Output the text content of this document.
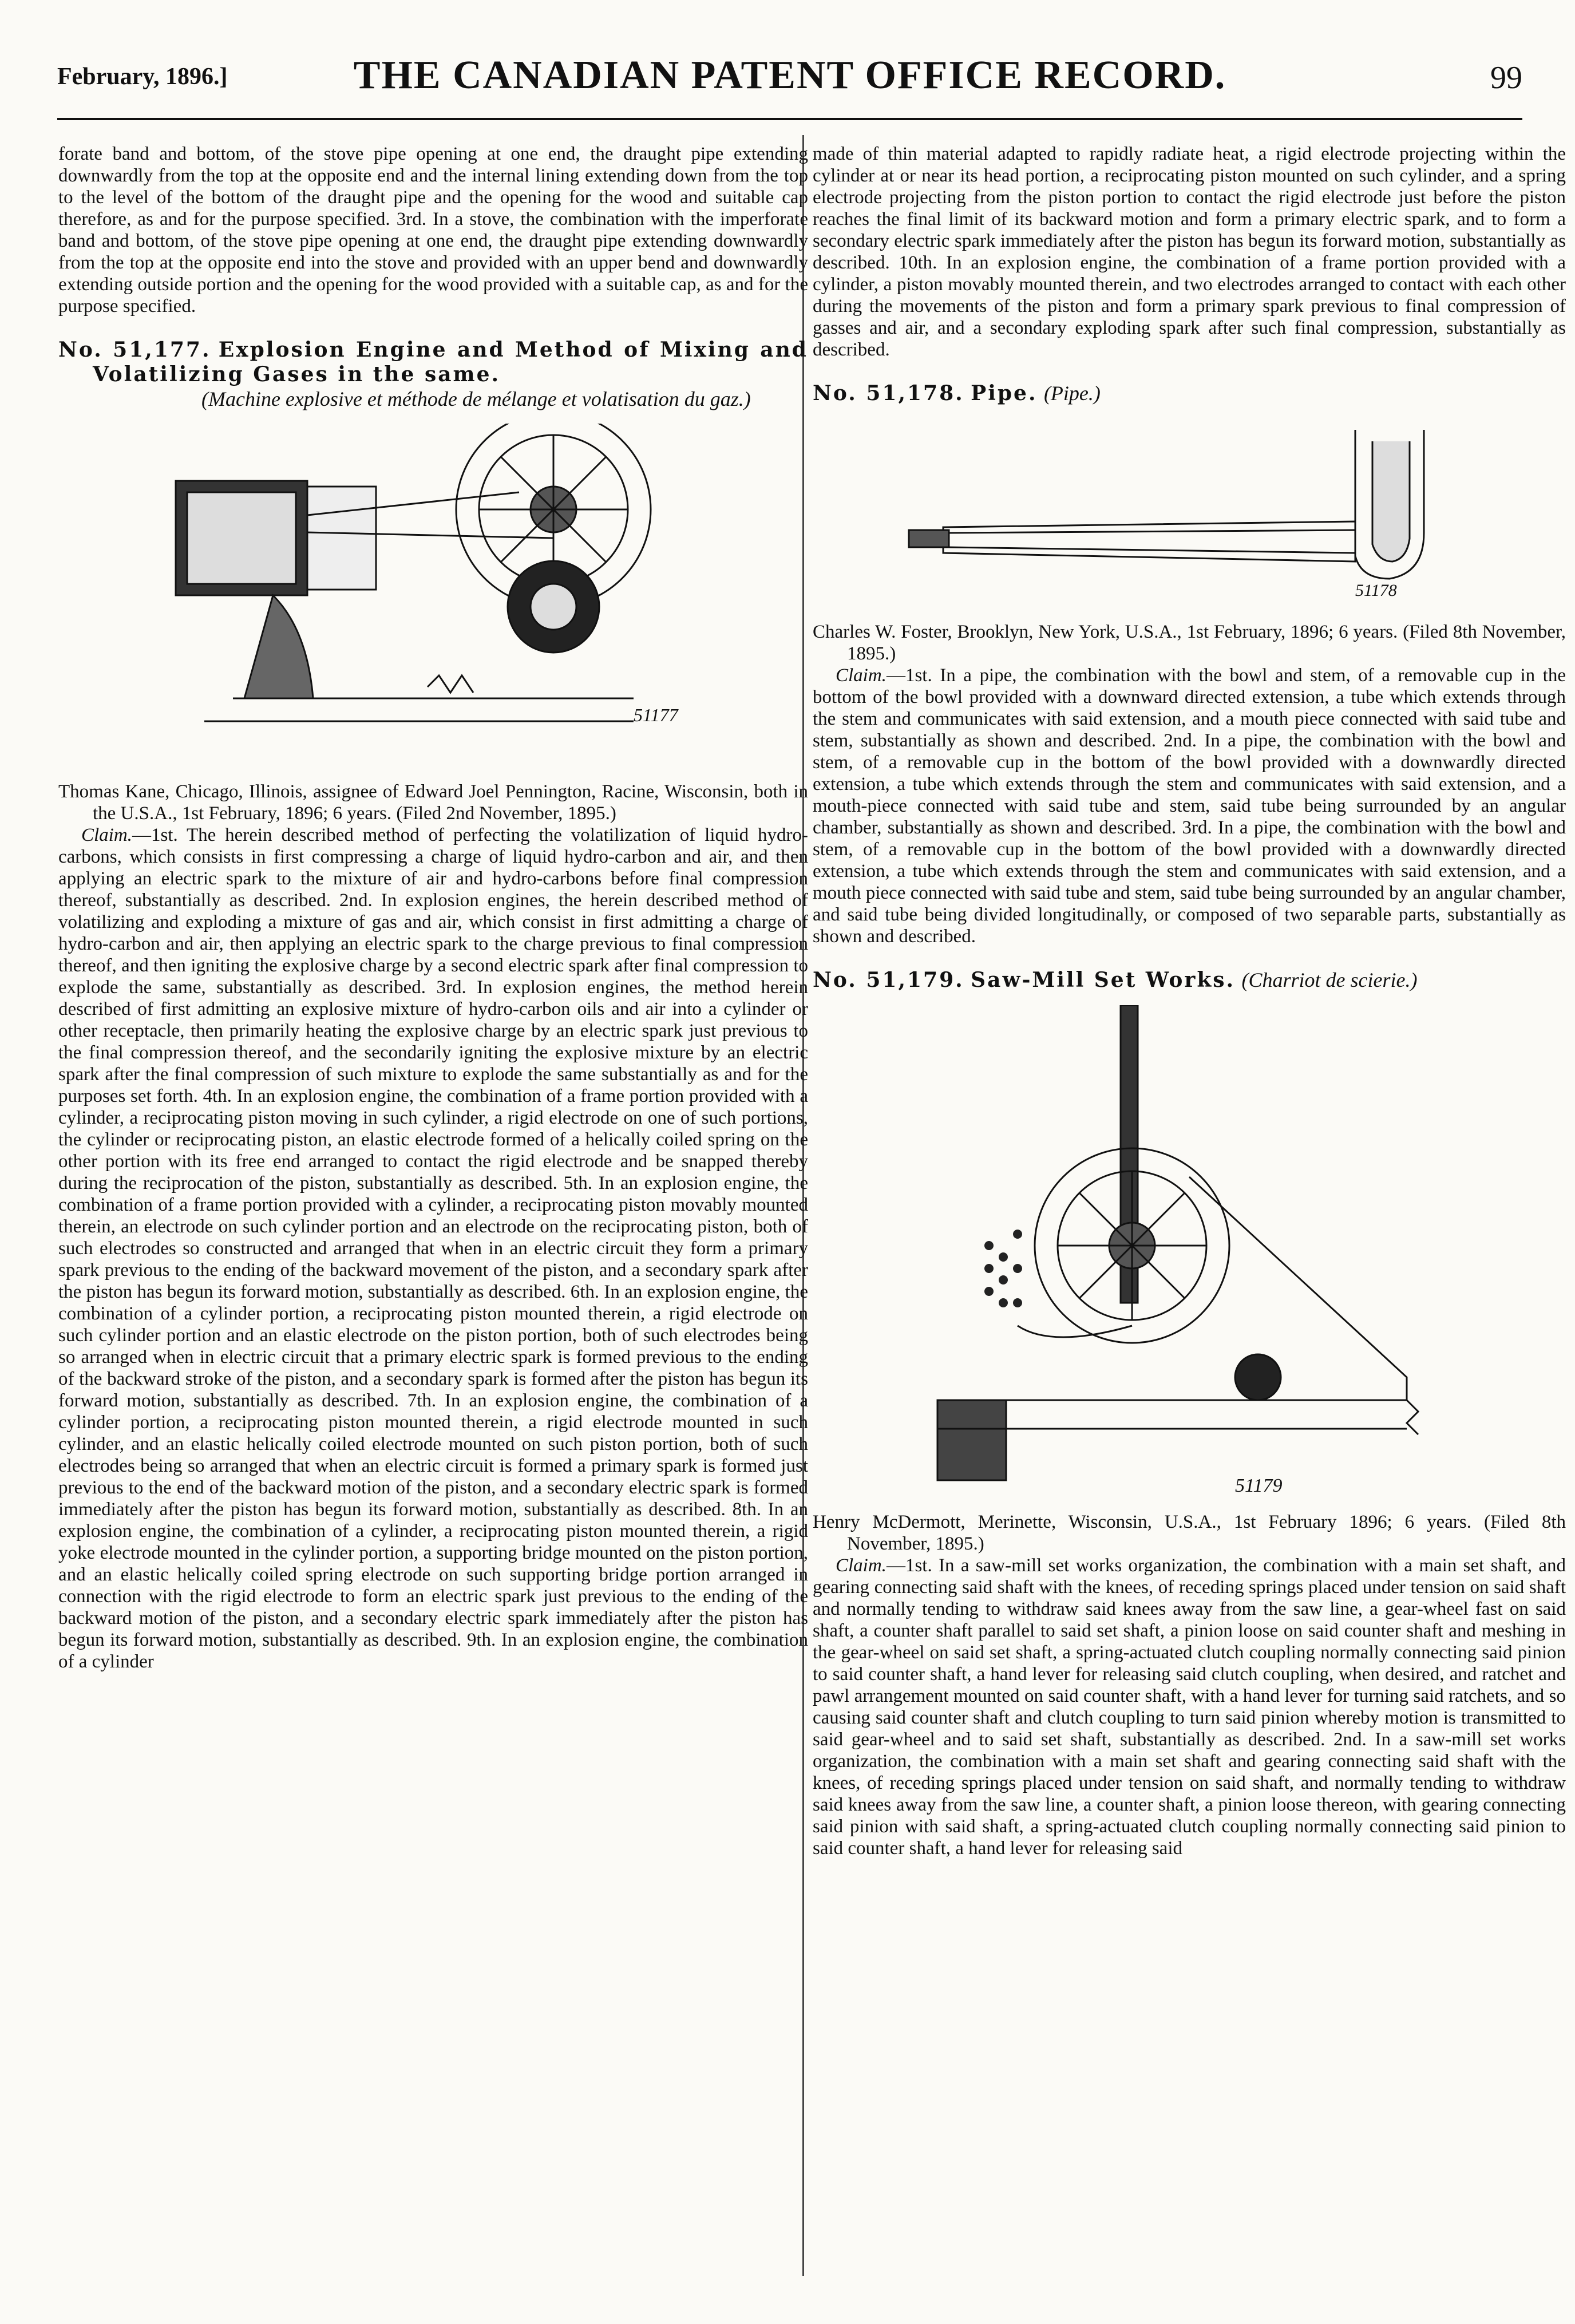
February, 1896.]	THE CANADIAN PATENT OFFICE RECORD.	99

forate band and bottom, of the stove pipe opening at one end, the draught pipe extending downwardly from the top at the opposite end and the internal lining extending down from the top to the level of the bottom of the draught pipe and the opening for the wood and suitable cap therefore, as and for the purpose specified. 3rd. In a stove, the combination with the imperforate band and bottom, of the stove pipe opening at one end, the draught pipe extending downwardly from the top at the opposite end into the stove and provided with an upper bend and downwardly extending outside portion and the opening for the wood provided with a suitable cap, as and for the purpose specified.

No. 51,177. Explosion Engine and Method of Mixing and Volatilizing Gases in the same.
(Machine explosive et méthode de mélange et volatisation du gaz.)
51177

Thomas Kane, Chicago, Illinois, assignee of Edward Joel Pennington, Racine, Wisconsin, both in the U.S.A., 1st February, 1896; 6 years. (Filed 2nd November, 1895.)

Claim.—1st. The herein described method of perfecting the volatilization of liquid hydro-carbons, which consists in first compressing a charge of liquid hydro-carbon and air, and then applying an electric spark to the mixture of air and hydro-carbons before final compression thereof, substantially as described. 2nd. In explosion engines, the herein described method of volatilizing and exploding a mixture of gas and air, which consist in first admitting a charge of hydro-carbon and air, then applying an electric spark to the charge previous to final compression thereof, and then igniting the explosive charge by a second electric spark after final compression to explode the same, substantially as described. 3rd. In explosion engines, the method herein described of first admitting an explosive mixture of hydro-carbon oils and air into a cylinder or other receptacle, then primarily heating the explosive charge by an electric spark just previous to the final compression thereof, and the secondarily igniting the explosive mixture by an electric spark after the final compression of such mixture to explode the same substantially as and for the purposes set forth. 4th. In an explosion engine, the combination of a frame portion provided with a cylinder, a reciprocating piston moving in such cylinder, a rigid electrode on one of such portions, the cylinder or reciprocating piston, an elastic electrode formed of a helically coiled spring on the other portion with its free end arranged to contact the rigid electrode and be snapped thereby during the reciprocation of the piston, substantially as described. 5th. In an explosion engine, the combination of a frame portion provided with a cylinder, a reciprocating piston movably mounted therein, an electrode on such cylinder portion and an electrode on the reciprocating piston, both of such electrodes so constructed and arranged that when in an electric circuit they form a primary spark previous to the ending of the backward movement of the piston, and a secondary spark after the piston has begun its forward motion, substantially as described. 6th. In an explosion engine, the combination of a cylinder portion, a reciprocating piston mounted therein, a rigid electrode on such cylinder portion and an elastic electrode on the piston portion, both of such electrodes being so arranged when in electric circuit that a primary electric spark is formed previous to the ending of the backward stroke of the piston, and a secondary spark is formed after the piston has begun its forward motion, substantially as described. 7th. In an explosion engine, the combination of a cylinder portion, a reciprocating piston mounted therein, a rigid electrode mounted in such cylinder, and an elastic helically coiled electrode mounted on such piston portion, both of such electrodes being so arranged that when an electric circuit is formed a primary spark is formed just previous to the end of the backward motion of the piston, and a secondary electric spark is formed immediately after the piston has begun its forward motion, substantially as described. 8th. In an explosion engine, the combination of a cylinder, a reciprocating piston mounted therein, a rigid yoke electrode mounted in the cylinder portion, a supporting bridge mounted on the piston portion, and an elastic helically coiled spring electrode on such supporting bridge portion arranged in connection with the rigid electrode to form an electric spark just previous to the ending of the backward motion of the piston, and a secondary electric spark immediately after the piston has begun its forward motion, substantially as described. 9th. In an explosion engine, the combination of a cylinder

made of thin material adapted to rapidly radiate heat, a rigid electrode projecting within the cylinder at or near its head portion, a reciprocating piston mounted on such cylinder, and a spring electrode projecting from the piston portion to contact the rigid electrode just before the piston reaches the final limit of its backward motion and form a primary electric spark, and to form a secondary electric spark immediately after the piston has begun its forward motion, substantially as described. 10th. In an explosion engine, the combination of a frame portion provided with a cylinder, a piston movably mounted therein, and two electrodes arranged to contact with each other during the movements of the piston and form a primary spark previous to final compression of gasses and air, and a secondary exploding spark after such final compression, substantially as described.

No. 51,178. Pipe. (Pipe.)
51178

Charles W. Foster, Brooklyn, New York, U.S.A., 1st February, 1896; 6 years. (Filed 8th November, 1895.)

Claim.—1st. In a pipe, the combination with the bowl and stem, of a removable cup in the bottom of the bowl provided with a downward directed extension, a tube which extends through the stem and communicates with said extension, and a mouth piece connected with said tube and stem, substantially as shown and described. 2nd. In a pipe, the combination with the bowl and stem, of a removable cup in the bottom of the bowl provided with a downwardly directed extension, a tube which extends through the stem and communicates with said extension, and a mouth-piece connected with said tube and stem, said tube being surrounded by an angular chamber, substantially as shown and described. 3rd. In a pipe, the combination with the bowl and stem, of a removable cup in the bottom of the bowl provided with a downwardly directed extension, a tube which extends through the stem and communicates with said extension, and a mouth piece connected with said tube and stem, said tube being surrounded by an angular chamber, and said tube being divided longitudinally, or composed of two separable parts, substantially as shown and described.

No. 51,179. Saw-Mill Set Works. (Charriot de scierie.)
51179

Henry McDermott, Merinette, Wisconsin, U.S.A., 1st February 1896; 6 years. (Filed 8th November, 1895.)

Claim.—1st. In a saw-mill set works organization, the combination with a main set shaft, and gearing connecting said shaft with the knees, of receding springs placed under tension on said shaft and normally tending to withdraw said knees away from the saw line, a gear-wheel fast on said shaft, a counter shaft parallel to said set shaft, a pinion loose on said counter shaft and meshing in the gear-wheel on said set shaft, a spring-actuated clutch coupling normally connecting said pinion to said counter shaft, a hand lever for releasing said clutch coupling, when desired, and ratchet and pawl arrangement mounted on said counter shaft, with a hand lever for turning said ratchets, and so causing said counter shaft and clutch coupling to turn said pinion whereby motion is transmitted to said gear-wheel and to said set shaft, substantially as described. 2nd. In a saw-mill set works organization, the combination with a main set shaft and gearing connecting said shaft with the knees, of receding springs placed under tension on said shaft, and normally tending to withdraw said knees away from the saw line, a counter shaft, a pinion loose thereon, with gearing connecting said pinion with said shaft, a spring-actuated clutch coupling normally connecting said pinion to said counter shaft, a hand lever for releasing said
